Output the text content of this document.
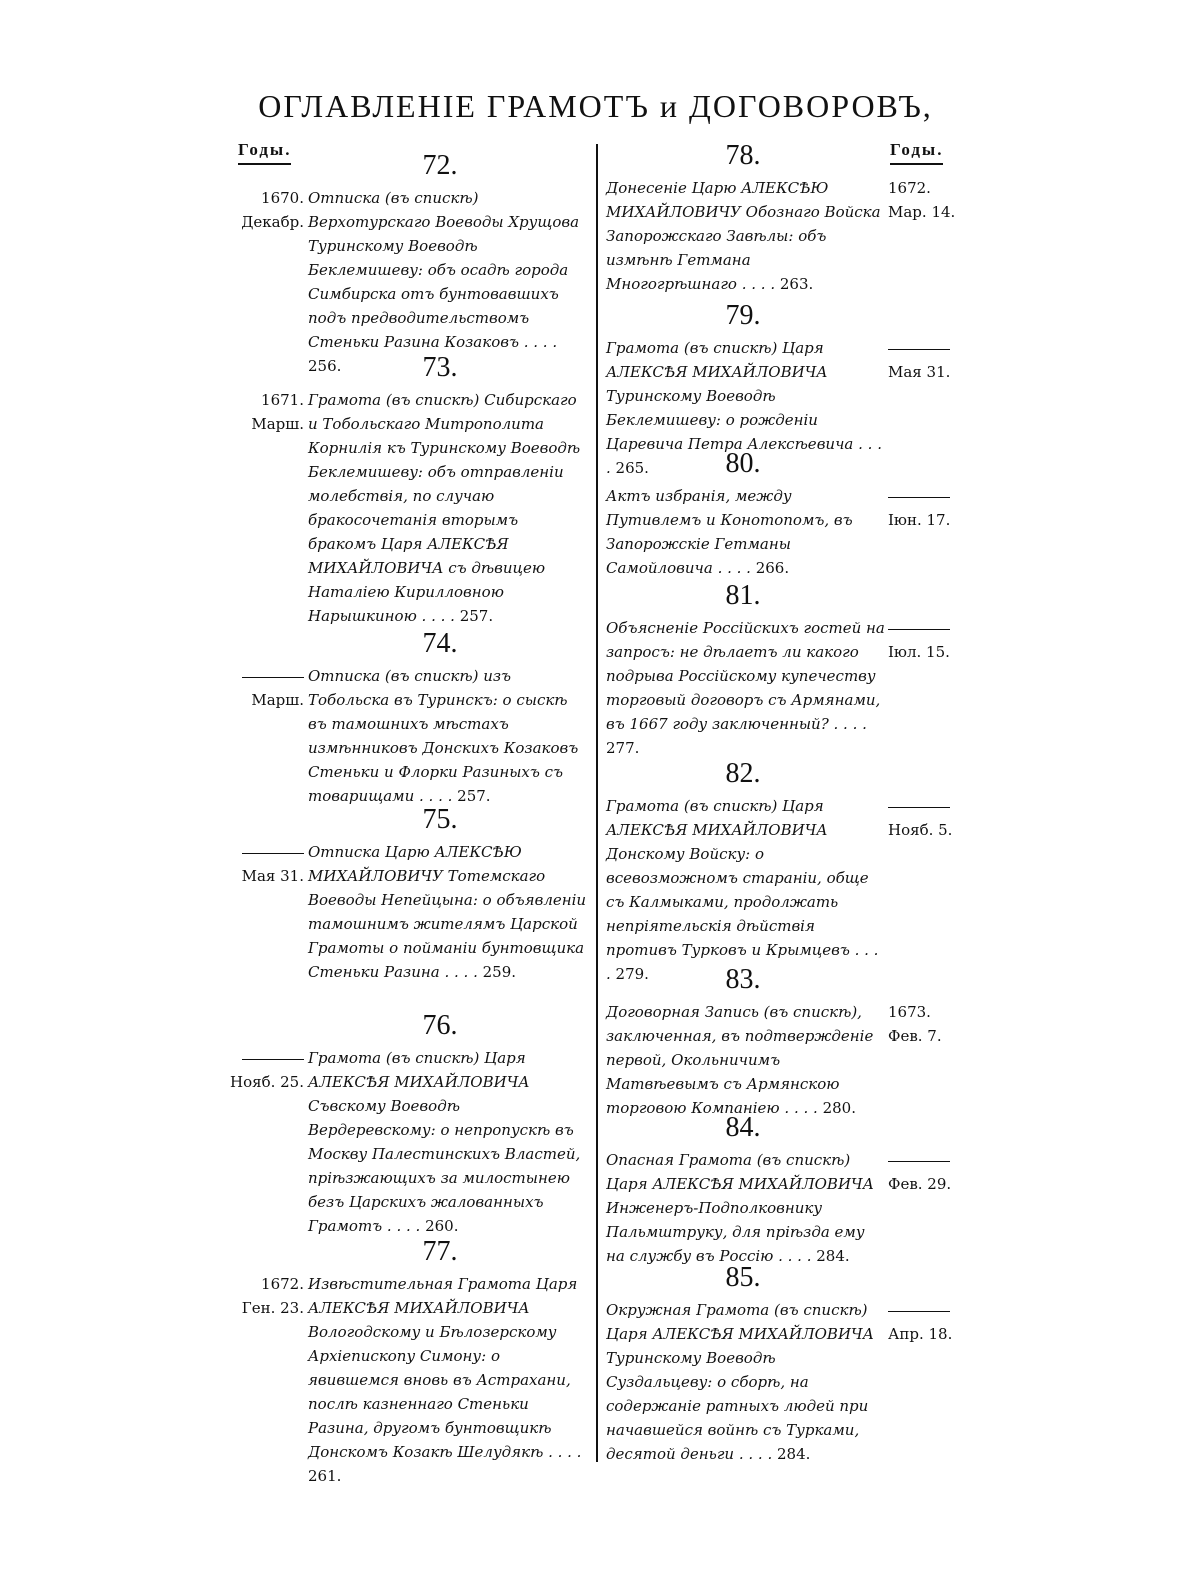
ОГЛАВЛЕНІЕ ГРАМОТЪ и ДОГОВОРОВЪ,
Годы.	Годы.
72.
Отписка (въ спискѣ) Верхотурскаго Воеводы Хрущова Туринскому Воеводѣ Беклемишеву: объ осадѣ города Симбирска отъ бунтовавшихъ подъ предводительствомъ Стеньки Разина Козаковъ . . . . 256.
1670.
Декабр.
73.
Грамота (въ спискѣ) Сибирскаго и Тобольскаго Митрополита Корнилія къ Туринскому Воеводѣ Беклемишеву: объ отправленіи молебствія, по случаю бракосочетанія вторымъ бракомъ Царя АЛЕКСѢЯ МИХАЙЛОВИЧА съ дѣвицею Наталіею Кирилловною Нарышкиною . . . . 257.
1671.
Марш.
74.
Отписка (въ спискѣ) изъ Тобольска въ Туринскъ: о сыскѣ въ тамошнихъ мѣстахъ измѣнниковъ Донскихъ Козаковъ Стеньки и Флорки Разиныхъ съ товарищами . . . . 257.
Марш.
75.
Отписка Царю АЛЕКСѢЮ МИХАЙЛОВИЧУ Тотемскаго Воеводы Непейцына: о объявленіи тамошнимъ жителямъ Царской Грамоты о пойманіи бунтовщика Стеньки Разина . . . . 259.
Мая 31.
76.
Грамота (въ спискѣ) Царя АЛЕКСѢЯ МИХАЙЛОВИЧА Съвскому Воеводѣ Вердеревскому: о непропускѣ въ Москву Палестинскихъ Властей, пріѣзжающихъ за милостынею безъ Царскихъ жалованныхъ Грамотъ . . . . 260.
Нояб. 25.
77.
Извѣстительная Грамота Царя АЛЕКСѢЯ МИХАЙЛОВИЧА Вологодскому и Бѣлозерскому Архіепископу Симону: о явившемся вновь въ Астрахани, послѣ казненнаго Стеньки Разина, другомъ бунтовщикѣ Донскомъ Козакѣ Шелудякѣ . . . . 261.
1672.
Ген. 23.
78.
Донесеніе Царю АЛЕКСѢЮ МИХАЙЛОВИЧУ Обознаго Войска Запорожскаго Завѣлы: объ измѣнѣ Гетмана Многогрѣшнаго . . . . 263.
1672.
Мар. 14.
79.
Грамота (въ спискѣ) Царя АЛЕКСѢЯ МИХАЙЛОВИЧА Туринскому Воеводѣ Беклемишеву: о рожденіи Царевича Петра Алексѣевича . . . . 265.
Мая 31.
80.
Актъ избранія, между Путивлемъ и Конотопомъ, въ Запорожскіе Гетманы Самойловича . . . . 266.
Іюн. 17.
81.
Объясненіе Россійскихъ гостей на запросъ: не дѣлаетъ ли какого подрыва Россійскому купечеству торговый договоръ съ Армянами, въ 1667 году заключенный? . . . . 277.
Іюл. 15.
82.
Грамота (въ спискѣ) Царя АЛЕКСѢЯ МИХАЙЛОВИЧА Донскому Войску: о всевозможномъ стараніи, обще съ Калмыками, продолжать непріятельскія дѣйствія противъ Турковъ и Крымцевъ . . . . 279.
Нояб. 5.
83.
Договорная Запись (въ спискѣ), заключенная, въ подтвержденіе первой, Окольничимъ Матвѣевымъ съ Армянскою торговою Компаніею . . . . 280.
1673.
Фев. 7.
84.
Опасная Грамота (въ спискѣ) Царя АЛЕКСѢЯ МИХАЙЛОВИЧА Инженеръ-Подполковнику Пальмштруку, для пріѣзда ему на службу въ Россію . . . . 284.
Фев. 29.
85.
Окружная Грамота (въ спискѣ) Царя АЛЕКСѢЯ МИХАЙЛОВИЧА Туринскому Воеводѣ Суздальцеву: о сборѣ, на содержаніе ратныхъ людей при начавшейся войнѣ съ Турками, десятой деньги . . . . 284.
Апр. 18.
